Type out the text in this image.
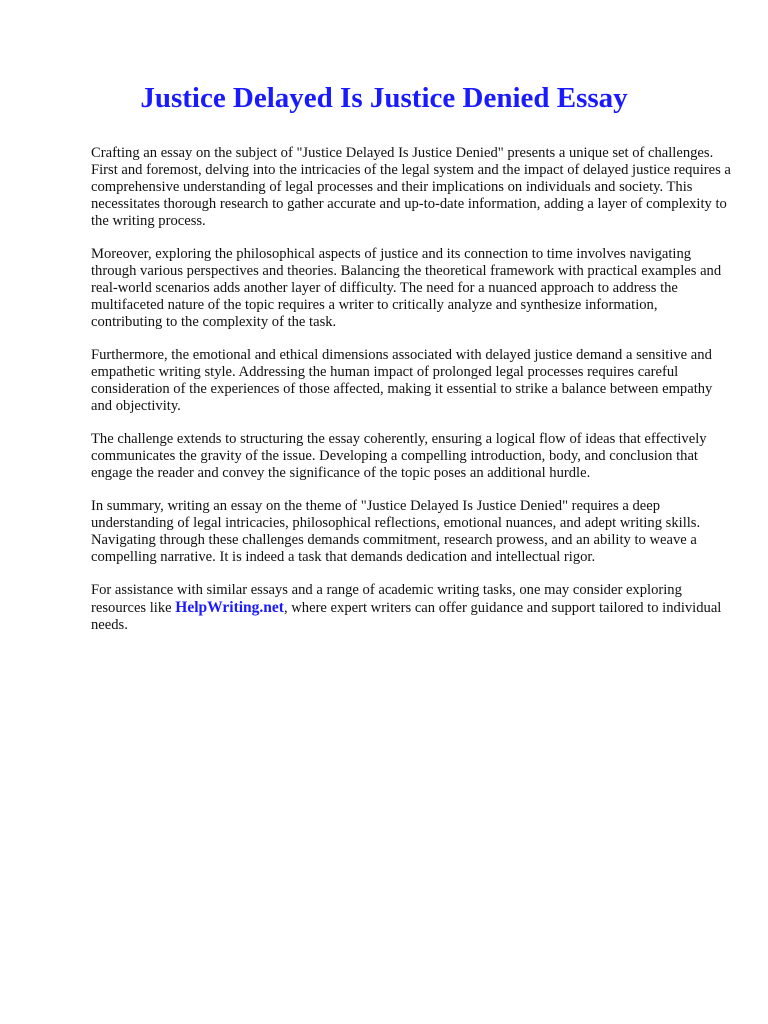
Justice Delayed Is Justice Denied Essay

Crafting an essay on the subject of "Justice Delayed Is Justice Denied" presents a unique set of challenges. First and foremost, delving into the intricacies of the legal system and the impact of delayed justice requires a comprehensive understanding of legal processes and their implications on individuals and society. This necessitates thorough research to gather accurate and up-to-date information, adding a layer of complexity to the writing process.

Moreover, exploring the philosophical aspects of justice and its connection to time involves navigating through various perspectives and theories. Balancing the theoretical framework with practical examples and real-world scenarios adds another layer of difficulty. The need for a nuanced approach to address the multifaceted nature of the topic requires a writer to critically analyze and synthesize information, contributing to the complexity of the task.

Furthermore, the emotional and ethical dimensions associated with delayed justice demand a sensitive and empathetic writing style. Addressing the human impact of prolonged legal processes requires careful consideration of the experiences of those affected, making it essential to strike a balance between empathy and objectivity.

The challenge extends to structuring the essay coherently, ensuring a logical flow of ideas that effectively communicates the gravity of the issue. Developing a compelling introduction, body, and conclusion that engage the reader and convey the significance of the topic poses an additional hurdle.

In summary, writing an essay on the theme of "Justice Delayed Is Justice Denied" requires a deep understanding of legal intricacies, philosophical reflections, emotional nuances, and adept writing skills. Navigating through these challenges demands commitment, research prowess, and an ability to weave a compelling narrative. It is indeed a task that demands dedication and intellectual rigor.

For assistance with similar essays and a range of academic writing tasks, one may consider exploring resources like HelpWriting.net, where expert writers can offer guidance and support tailored to individual needs.
